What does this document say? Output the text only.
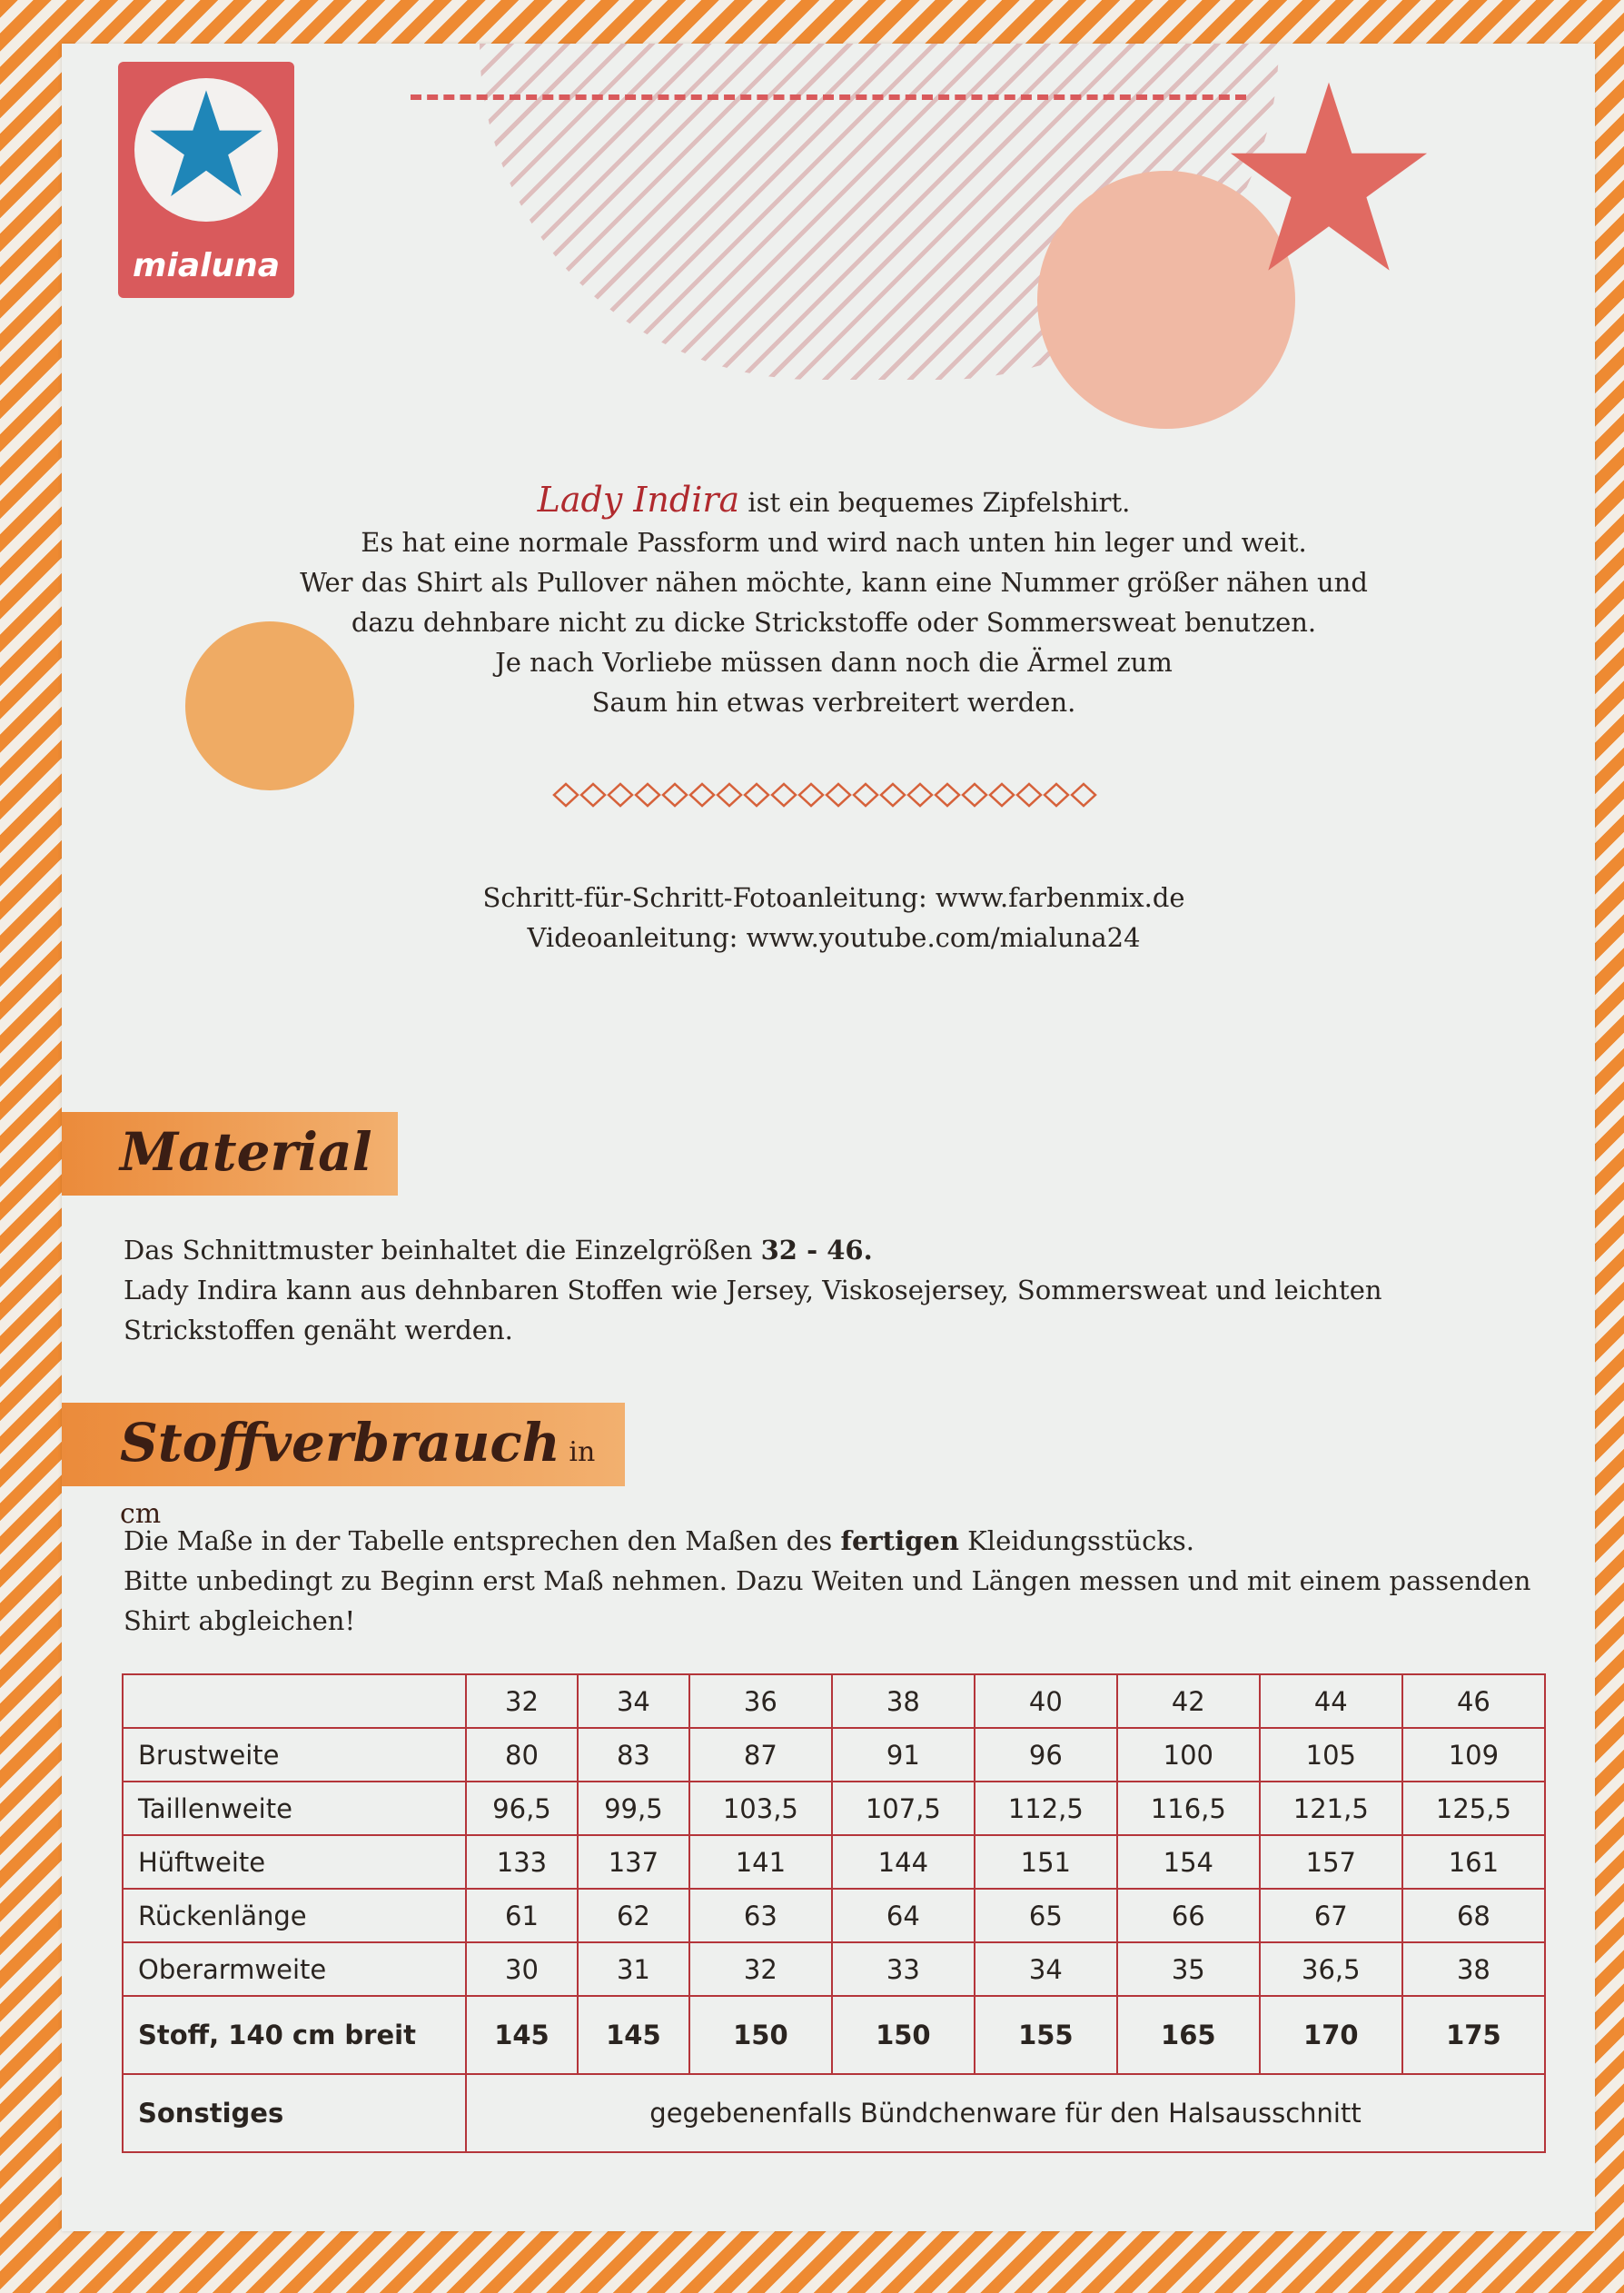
mialuna
Lady Indira ist ein bequemes Zipfelshirt.
Es hat eine normale Passform und wird nach unten hin leger und weit.
Wer das Shirt als Pullover nähen möchte, kann eine Nummer größer nähen und
dazu dehnbare nicht zu dicke Strickstoffe oder Sommersweat benutzen.
Je nach Vorliebe müssen dann noch die Ärmel zum
Saum hin etwas verbreitert werden.
Schritt-für-Schritt-Fotoanleitung: www.farbenmix.de
Videoanleitung: www.youtube.com/mialuna24
Material
Das Schnittmuster beinhaltet die Einzelgrößen 32 - 46.
Lady Indira kann aus dehnbaren Stoffen wie Jersey, Viskosejersey, Sommersweat und leichten Strickstoffen genäht werden.
Stoffverbrauch in cm
Die Maße in der Tabelle entsprechen den Maßen des fertigen Kleidungsstücks.
Bitte unbedingt zu Beginn erst Maß nehmen. Dazu Weiten und Längen messen und mit einem passenden Shirt abgleichen!
	32	34	36	38	40	42	44	46
Brustweite	80	83	87	91	96	100	105	109
Taillenweite	96,5	99,5	103,5	107,5	112,5	116,5	121,5	125,5
Hüftweite	133	137	141	144	151	154	157	161
Rückenlänge	61	62	63	64	65	66	67	68
Oberarmweite	30	31	32	33	34	35	36,5	38
Stoff, 140 cm breit	145	145	150	150	155	165	170	175
Sonstiges	gegebenenfalls Bündchenware für den Halsausschnitt							
